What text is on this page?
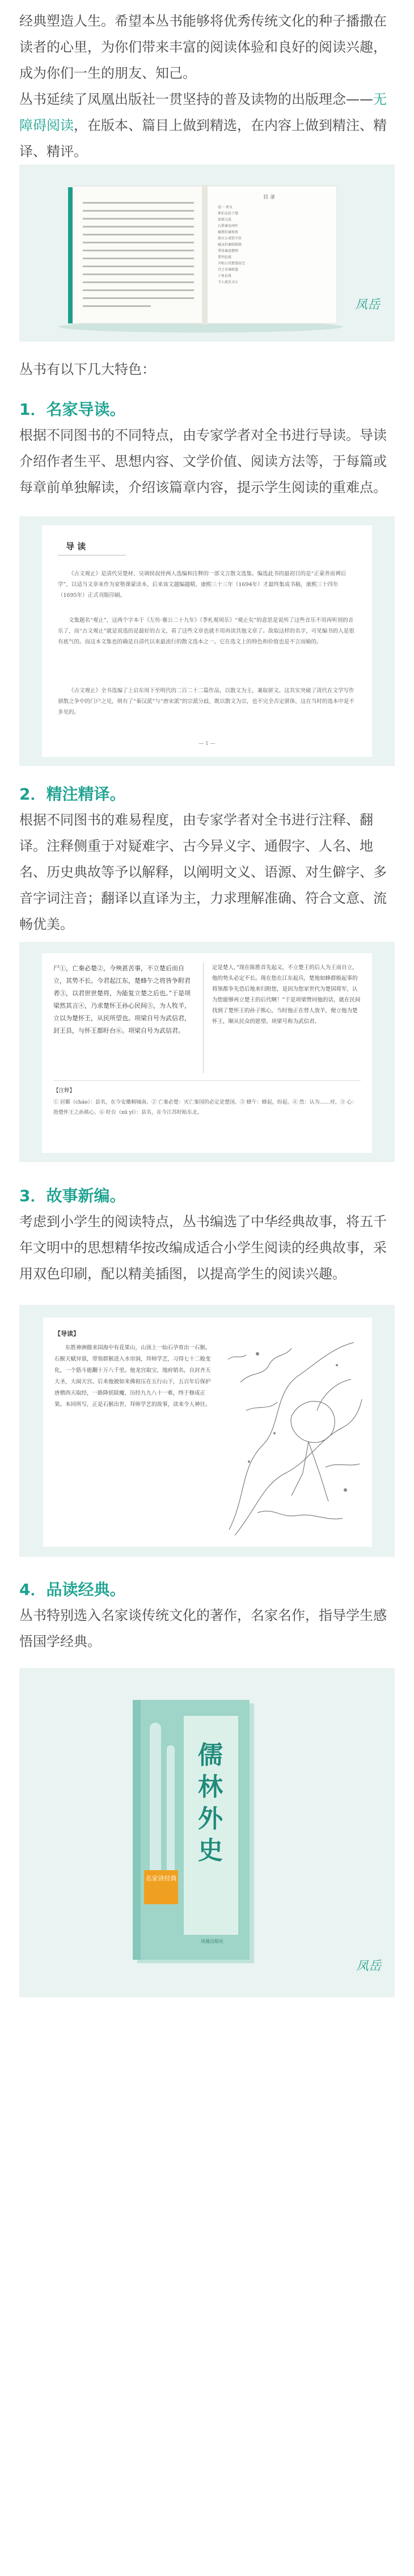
经典塑造人生。希望本丛书能够将优秀传统文化的种子播撒在读者的心里，为你们带来丰富的阅读体验和良好的阅读兴趣，成为你们一生的朋友、知己。

丛书延续了凤凰出版社一贯坚持的普及读物的出版理念——无障碍阅读，在版本、篇目上做到精选，在内容上做到精注、精译、精评。

目 录
卷一 周文
郑伯克段于鄢
周郑交质
石碏谏宠州吁
臧僖伯谏观鱼
郑庄公戒饬守臣
臧哀伯谏纳郜鼎
季梁谏追楚师
曹刿论战
齐桓公伐楚盟屈完
宫之奇谏假道
子鱼论战
寺人披见文公
凤岳

丛书有以下几大特色：

1．名家导读。

根据不同图书的不同特点，由专家学者对全书进行导读。导读介绍作者生平、思想内容、文学价值、阅读方法等，于每篇或每章前单独解读，介绍该篇章内容，提示学生阅读的重难点。

导 读
《古文观止》是清代吴楚材、吴调侯叔侄两人选编和注释的一部文言散文选集。编选此书的最初目的是“正蒙养而裨后学”，以适当文章来作为家塾课蒙读本，后来该文越编越精，康熙三十三年（1694年）才最终集成书稿，康熙三十四年（1695年）正式刊版印刷。
文集题名“观止”，这两个字本于《左传·襄公二十九年》《季札观周乐》“观止矣”的意思是说所了这些音乐不用再听别的音乐了，而“古文观止”就是说选的是最好的古文，看了这些文章也就不用再读其他文章了。故取这样的名字，可见编书的人是很有底气的。而这本文集也的确是自清代以来最流行的散文选本之一。它在选文上的特色和价值也是不言而喻的。
《古文观止》全书选编了上启东周下至明代的二百二十二篇作品，以散文为主，兼取骈文。这其实突破了清代在文学写作骈散之争中的门户之见，则有了“秦汉派”与“唐宋派”的宗派分歧，既以散文为宗，也不完全否定骈体，这在当时的选本中是不多见的。
— 1 —

2．精注精译。

根据不同图书的难易程度，由专家学者对全书进行注释、翻译。注释侧重于对疑难字、古今异义字、通假字、人名、地名、历史典故等予以解释，以阐明文义、语源、对生僻字、多音字词注音；翻译以直译为主，力求理解准确、符合文意、流畅优美。

尸①，亡秦必楚②，今殃甚苦事，不立楚后而自立，其势不长。今君起江东，楚蜂午之将皆争附君者③，以君世世楚将，为能复立楚之后也。”于是项梁然其言④，乃求楚怀王孙心民间⑤，为人牧羊，立以为楚怀王，从民所望也。项梁自号为武信君，封王县，与怀王都盱台⑥。项梁自号为武信君。
定是楚人，”现在陈胜首先起义，不立楚王的后人为王而自立，他的势头必定不长。现在您在江东起兵，楚地如蜂群般起事的将领都争先恐后地来归附您，是因为您家世代为楚国将军，认为您能够再立楚王的后代啊！”于是项梁赞同他的话，就在民间找到了楚怀王的孙子熊心，当时他正在替人放羊，便立他为楚怀王，顺从民众的愿望。项梁号称为武信君。
【注释】
① 居鄛（cháo）：县名，在今安徽桐城南。② 亡秦必楚：灭亡秦国的必定是楚国。③ 蜂午：蜂起，纷起。④ 然：认为……对。⑤ 心：指楚怀王之孙熊心。⑥ 盱台（xū yí）：县名，在今江苏盱眙东北。

3．故事新编。

考虑到小学生的阅读特点，丛书编选了中华经典故事，将五千年文明中的思想精华按改编成适合小学生阅读的经典故事，采用双色印刷，配以精美插图，以提高学生的阅读兴趣。

【导读】
东胜神洲傲来国海中有花果山，山顶上一仙石孕育出一石猴。石猴天赋异禀，带领群猴进入水帘洞，拜师学艺，习得七十二般变化，一个筋斗能翻十万八千里。他龙宫取宝，地府销名，自封齐天大圣，大闹天宫。后来他被如来佛祖压在五行山下，五百年后保护唐僧西天取经，一路降妖除魔，历经九九八十一难，终于修成正果。本回所写，正是石猴出世、拜师学艺的故事，读来令人神往。

4．品读经典。

丛书特别选入名家谈传统文化的著作，名家名作，指导学生感悟国学经典。

儒林外史
名家讲经典
凤凰出版社
凤岳
